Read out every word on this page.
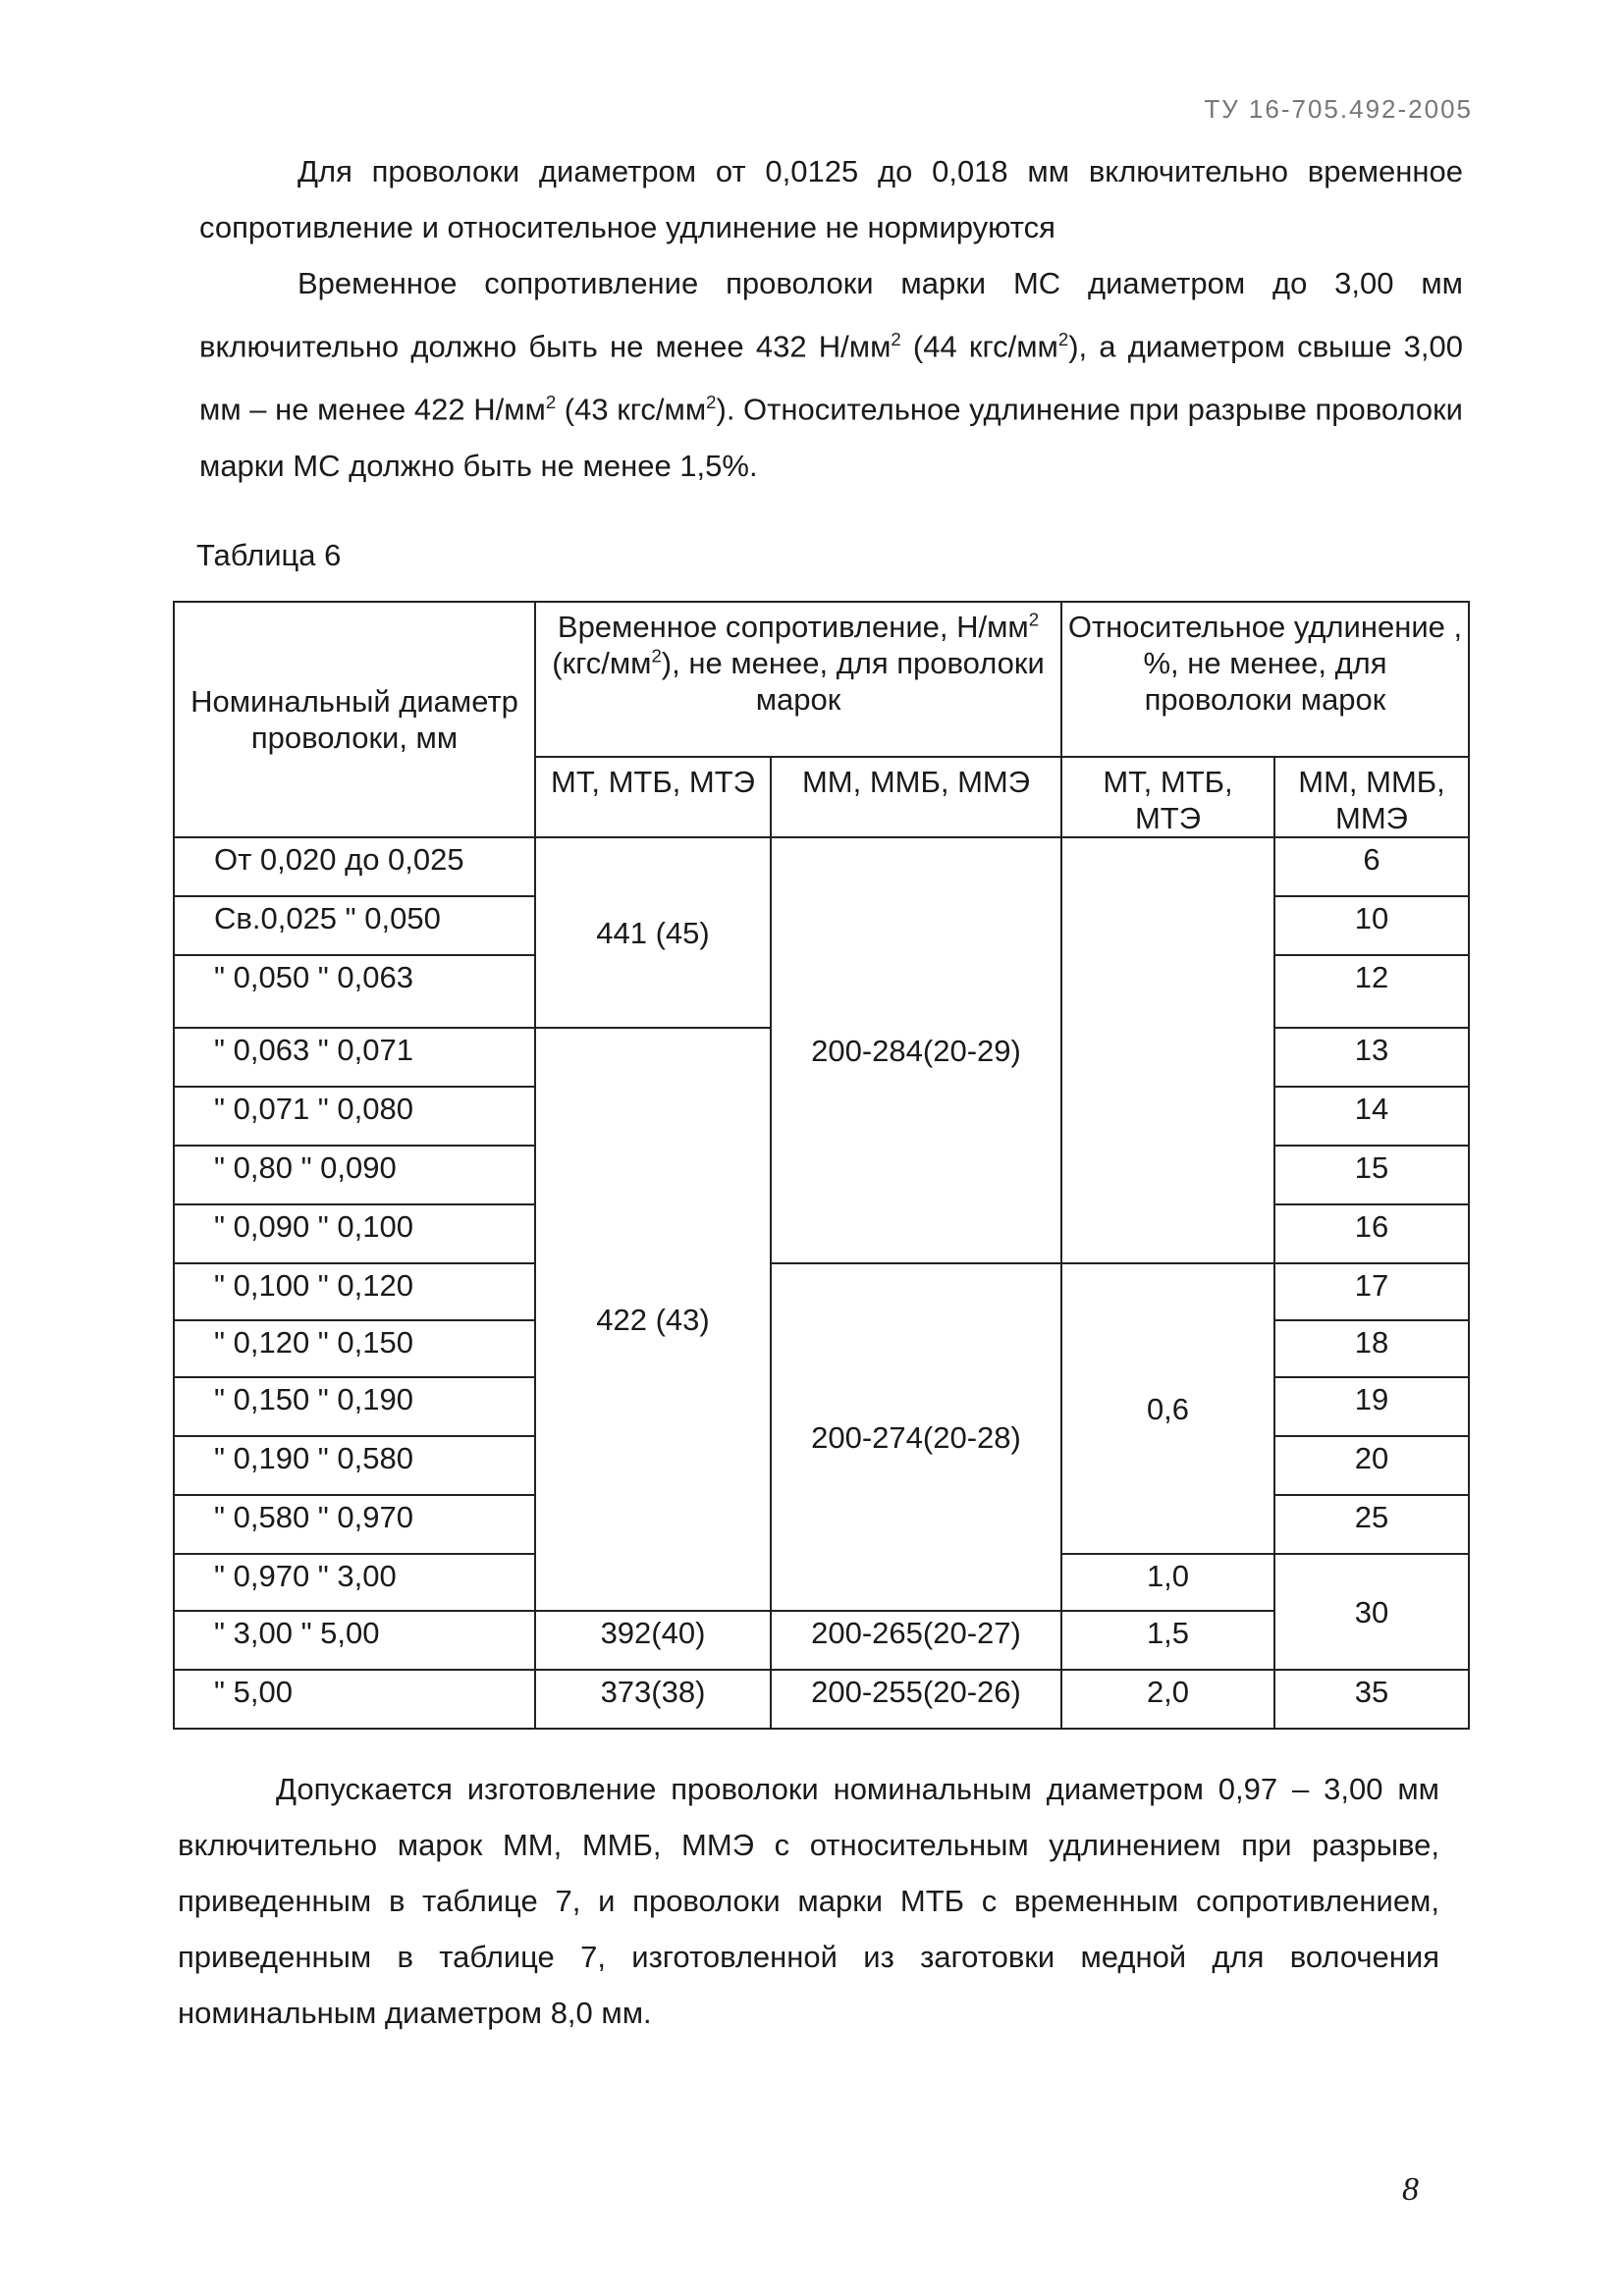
ТУ 16-705.492-2005
Для проволоки диаметром от 0,0125 до 0,018 мм включительно временное сопротивление и относительное удлинение не нормируются
Временное сопротивление проволоки марки МС диаметром до 3,00 мм включительно должно быть не менее 432 $Н/мм^2$ (44 кгс/$мм^2$), а диаметром свыше 3,00 мм – не менее 422 $Н/мм^2$ (43 кгс/$мм^2$). Относительное удлинение при разрыве проволоки марки МС должно быть не менее 1,5%.
Таблица 6
Номинальный диаметр проволоки, мм	Временное сопротивление, $Н/мм^2$ $(кгс/мм^2)$, не менее, для проволоки марок		Относительное удлинение , %, не менее, для проволоки марок	
	МТ, МТБ, МТЭ	ММ, ММБ, ММЭ	МТ, МТБ, МТЭ	ММ, ММБ, ММЭ
От 0,020 до 0,025	441 (45)	200-284(20-29)		6
Св.0,025 " 0,050				10
" 0,050 " 0,063				12
" 0,063 " 0,071	422 (43)			13
" 0,071 " 0,080				14
" 0,80 " 0,090				15
" 0,090 " 0,100				16
" 0,100 " 0,120		200-274(20-28)	0,6	17
" 0,120 " 0,150				18
" 0,150 " 0,190				19
" 0,190 " 0,580				20
" 0,580 " 0,970				25
" 0,970 " 3,00			1,0	30
" 3,00 " 5,00	392(40)	200-265(20-27)	1,5	
" 5,00	373(38)	200-255(20-26)	2,0	35
Допускается изготовление проволоки номинальным диаметром 0,97 – 3,00 мм включительно марок ММ, ММБ, ММЭ с относительным удлинением при разрыве, приведенным в таблице 7, и проволоки марки МТБ с временным сопротивлением, приведенным в таблице 7, изготовленной из заготовки медной для волочения номинальным диаметром 8,0 мм.
8
